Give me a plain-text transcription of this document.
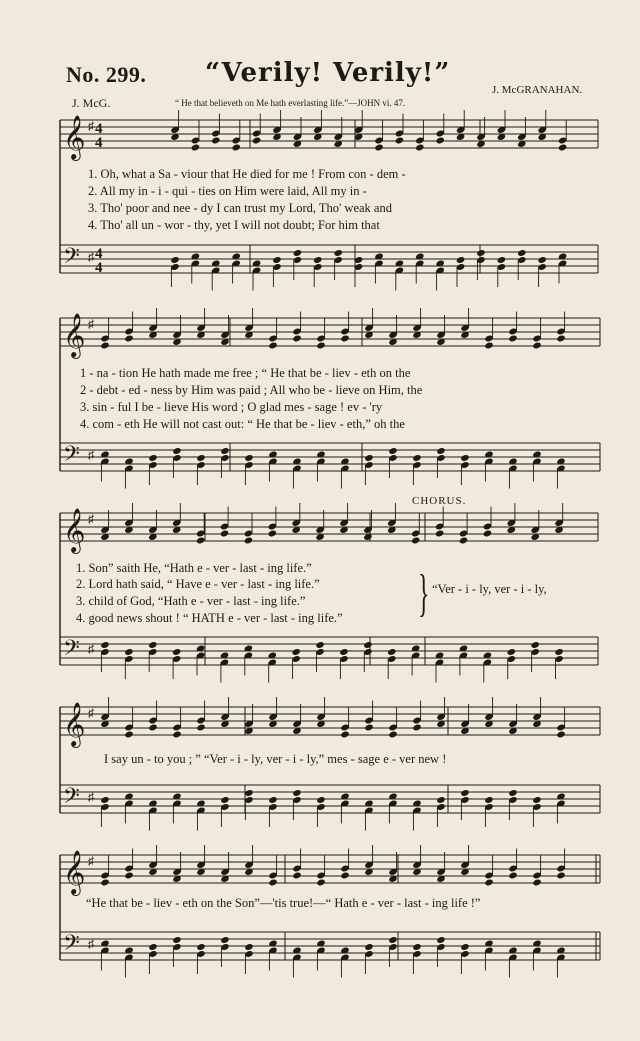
No. 299. “Verily! Verily!”
J. McGRANAHAN.
J. McG.	“ He that believeth on Me hath everlasting life.”—JOHN vi. 47.
𝄞 ♯
𝄢 ♯
4
4
4
4
𝄞 ♯
𝄢 ♯
𝄞 ♯
𝄢 ♯
𝄞 ♯
𝄢 ♯
𝄞 ♯
𝄢 ♯
1. Oh, what a Sa - viour that He died for me ! From con - dem -
2. All my in - i - qui - ties on Him were laid, All my in -
3. Tho' poor and nee - dy I can trust my Lord, Tho' weak and
4. Tho' all un - wor - thy, yet I will not doubt; For him that
1 - na - tion He hath made me free ; “ He that be - liev - eth on the
2 - debt - ed - ness by Him was paid ; All who be - lieve on Him, the
3. sin - ful I be - lieve His word ; O glad mes - sage ! ev - 'ry
4. com - eth He will not cast out: “ He that be - liev - eth,” oh the
CHORUS.
1. Son” saith He, “Hath e - ver - last - ing life.”
2. Lord hath said, “ Have e - ver - last - ing life.”
3. child of God, “Hath e - ver - last - ing life.”
4. good news shout ! “ HATH e - ver - last - ing life.” } “Ver - i - ly, ver - i - ly,
I say un - to you ; ” “Ver - i - ly, ver - i - ly,” mes - sage e - ver new !
“He that be - liev - eth on the Son”—'tis true!—“ Hath e - ver - last - ing life !”
